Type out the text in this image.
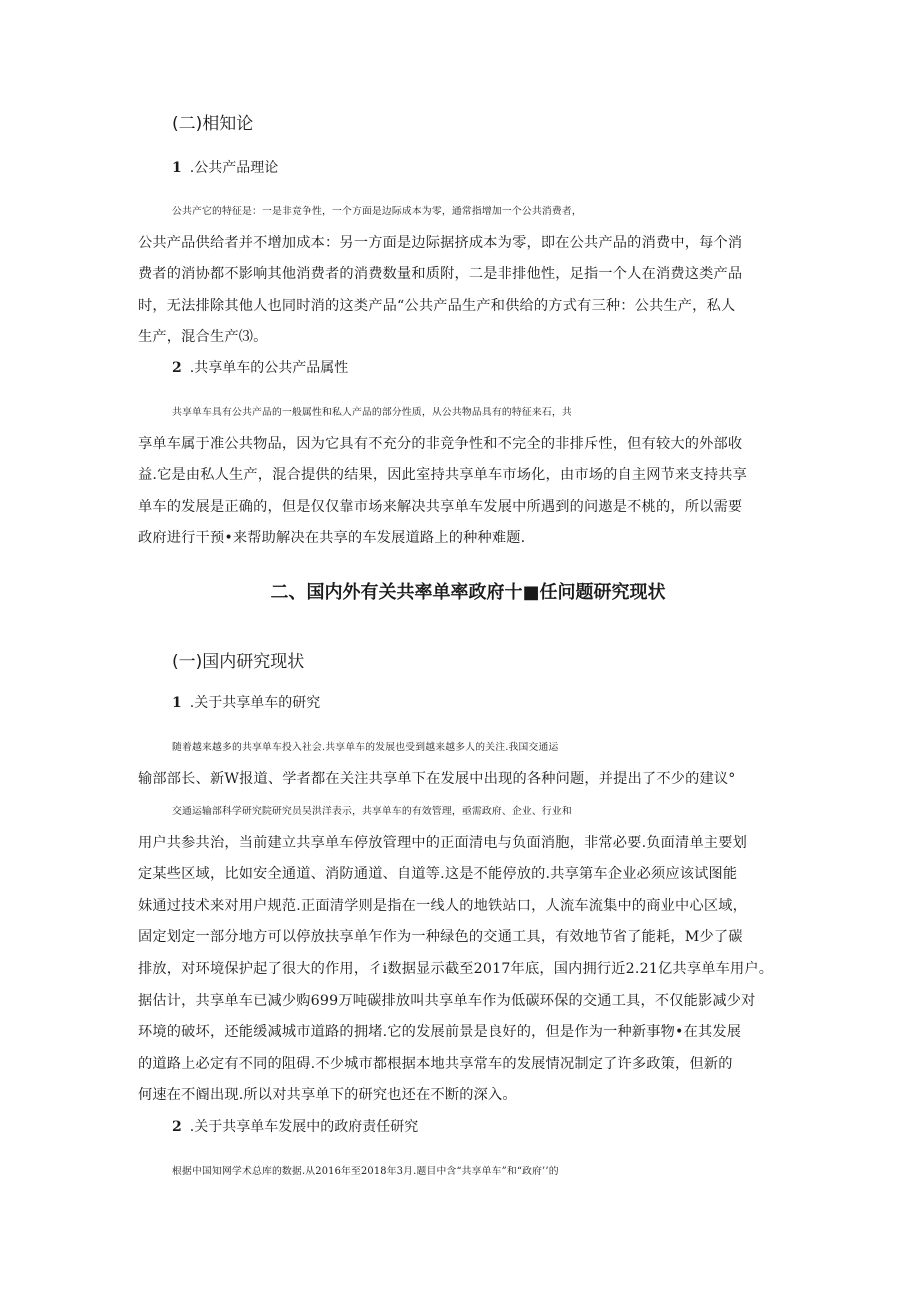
(二)相知论

1 .公共产品理论

公共产它的特征是：一是非竞争性，一个方面是边际成本为零，通常指增加一个公共消费者，
公共产品供给者并不增加成本：另一方面是边际据挤成本为零，即在公共产品的消费中，每个消
费者的消协都不影响其他消费者的消费数量和质附，二是非排他性，足指一个人在消费这类产品
时，无法排除其他人也同时消的这类产品“公共产品生产和供给的方式有三种：公共生产，私人
生产，混合生产⑶。

2 .共享单车的公共产品属性

共享单车具有公共产品的一般属性和私人产品的部分性质，从公共物品具有的特征来石，共
享单车属于准公共物品，因为它具有不充分的非竞争性和不完全的非排斥性，但有较大的外部收
益.它是由私人生产，混合提供的结果，因此室持共享单车市场化，由市场的自主网节来支持共享
单车的发展是正确的，但是仅仅靠市场来解决共享单车发展中所遇到的问遨是不桃的，所以需要
政府进行干预•来帮助解决在共享的车发展道路上的种种难题.
二、国内外有关共率单率政府十■任问题研究现状
(一)国内研究现状

1 .关于共享单车的研究

随着越来越多的共享单车投入社会.共享单车的发展也受到越来越多人的关注.我国交通运
输部部长、新W报道、学者都在关注共享单下在发展中出现的各种问题，并提出了不少的建议°
交通运输部科学研究院研究员吴洪洋表示，共享单车的有效管理，亟需政府、企业、行业和
用户共参共治，当前建立共享单车停放管理中的正面清电与负面消胞，非常必要.负面清单主要划
定某些区域，比如安全通道、消防通道、自道等.这是不能停放的.共享第车企业必须应该试图能
妹通过技术来对用户规范.正面清学则是指在一线人的地铁站口，人流车流集中的商业中心区域，
固定划定一部分地方可以停放扶享单乍作为一种绿色的交通工具，有效地节省了能耗，M少了碳
排放，对环境保护起了很大的作用，彳i数据显示截至2017年底，国内拥行近2.21亿共享单车用户。
据估计，共享单车已减少购699万吨碳排放叫共享单车作为低碳环保的交通工具，不仅能影减少对
环境的破坏，还能缓减城市道路的拥堵.它的发展前景是良好的，但是作为一种新事物•在其发展
的道路上必定有不同的阻碍.不少城市都根据本地共享常车的发展情况制定了许多政策，但新的
何速在不阍出现.所以对共享单下的研究也还在不断的深入。

2 .关于共享单车发展中的政府责任研究

根据中国知网学术总库的数据.从2016年至2018年3月.题目中含“共享单车”和“政府’’的
